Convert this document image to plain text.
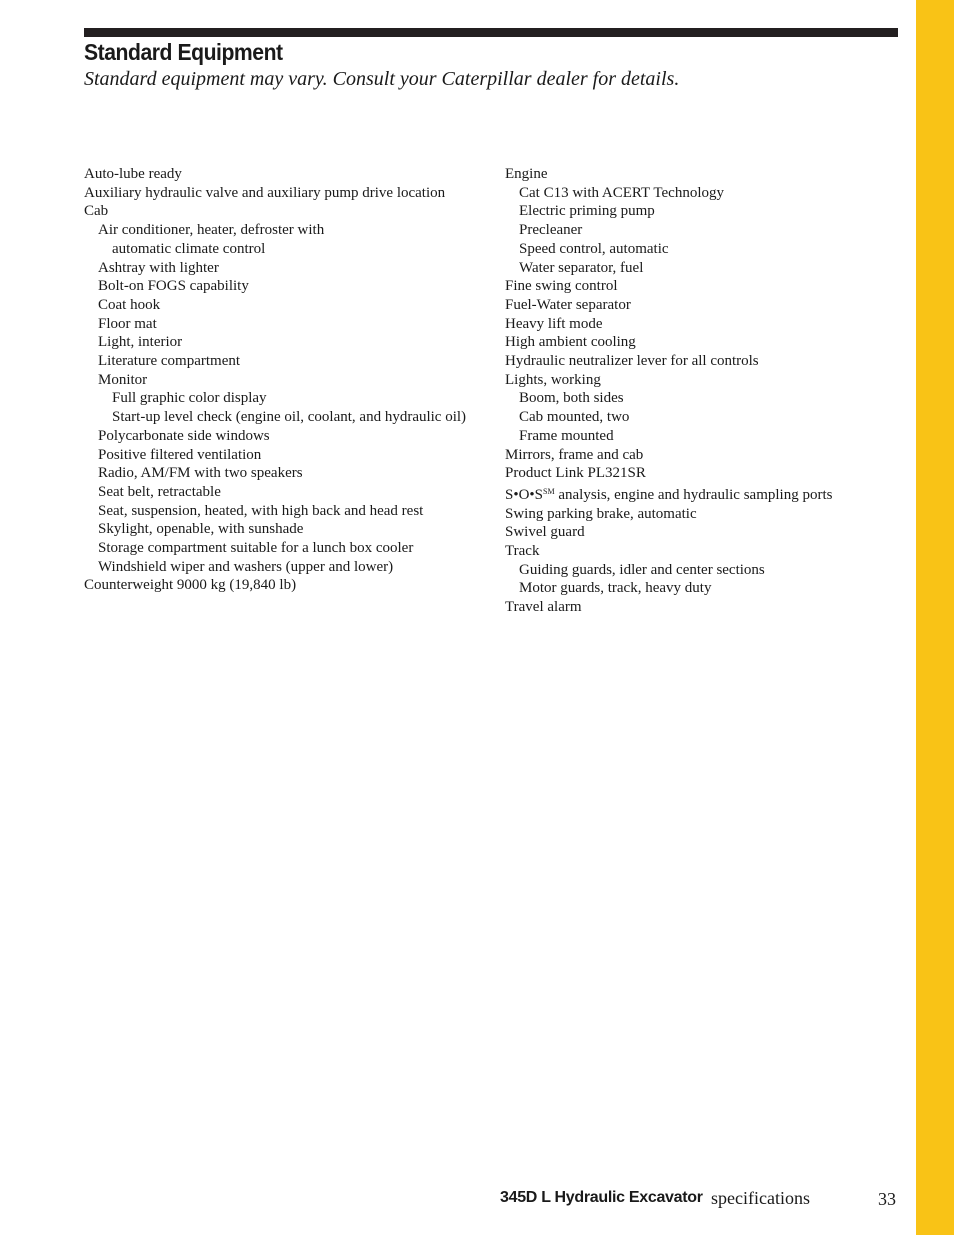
Standard Equipment

Standard equipment may vary. Consult your Caterpillar dealer for details.

Auto-lube ready
Auxiliary hydraulic valve and auxiliary pump drive location
Cab
Air conditioner, heater, defroster with
automatic climate control
Ashtray with lighter
Bolt-on FOGS capability
Coat hook
Floor mat
Light, interior
Literature compartment
Monitor
Full graphic color display
Start-up level check (engine oil, coolant, and hydraulic oil)
Polycarbonate side windows
Positive filtered ventilation
Radio, AM/FM with two speakers
Seat belt, retractable
Seat, suspension, heated, with high back and head rest
Skylight, openable, with sunshade
Storage compartment suitable for a lunch box cooler
Windshield wiper and washers (upper and lower)
Counterweight 9000 kg (19,840 lb)
Engine
Cat C13 with ACERT Technology
Electric priming pump
Precleaner
Speed control, automatic
Water separator, fuel
Fine swing control
Fuel-Water separator
Heavy lift mode
High ambient cooling
Hydraulic neutralizer lever for all controls
Lights, working
Boom, both sides
Cab mounted, two
Frame mounted
Mirrors, frame and cab
Product Link PL321SR
S•O•S℠ analysis, engine and hydraulic sampling ports
Swing parking brake, automatic
Swivel guard
Track
Guiding guards, idler and center sections
Motor guards, track, heavy duty
Travel alarm
345D L Hydraulic Excavator specifications	33
